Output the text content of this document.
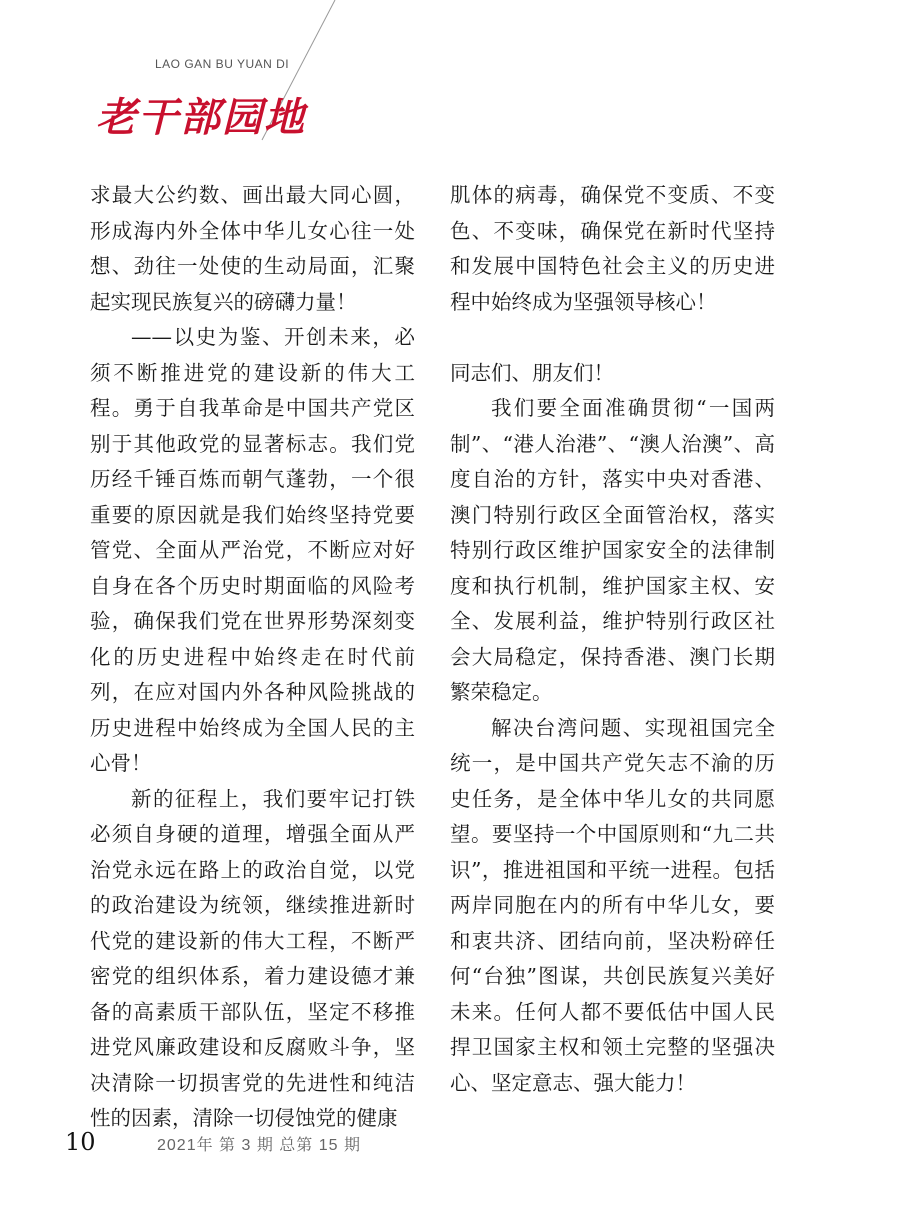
LAO GAN BU YUAN DI
老干部园地

求最大公约数、画出最大同心圆，形成海内外全体中华儿女心往一处想、劲往一处使的生动局面，汇聚起实现民族复兴的磅礴力量！

——以史为鉴、开创未来，必须不断推进党的建设新的伟大工程。勇于自我革命是中国共产党区别于其他政党的显著标志。我们党历经千锤百炼而朝气蓬勃，一个很重要的原因就是我们始终坚持党要管党、全面从严治党，不断应对好自身在各个历史时期面临的风险考验，确保我们党在世界形势深刻变化的历史进程中始终走在时代前列，在应对国内外各种风险挑战的历史进程中始终成为全国人民的主心骨！

新的征程上，我们要牢记打铁必须自身硬的道理，增强全面从严治党永远在路上的政治自觉，以党的政治建设为统领，继续推进新时代党的建设新的伟大工程，不断严密党的组织体系，着力建设德才兼备的高素质干部队伍，坚定不移推进党风廉政建设和反腐败斗争，坚决清除一切损害党的先进性和纯洁性的因素，清除一切侵蚀党的健康

肌体的病毒，确保党不变质、不变色、不变味，确保党在新时代坚持和发展中国特色社会主义的历史进程中始终成为坚强领导核心！

同志们、朋友们！

我们要全面准确贯彻“一国两制”、“港人治港”、“澳人治澳”、高度自治的方针，落实中央对香港、澳门特别行政区全面管治权，落实特别行政区维护国家安全的法律制度和执行机制，维护国家主权、安全、发展利益，维护特别行政区社会大局稳定，保持香港、澳门长期繁荣稳定。

解决台湾问题、实现祖国完全统一，是中国共产党矢志不渝的历史任务，是全体中华儿女的共同愿望。要坚持一个中国原则和“九二共识”，推进祖国和平统一进程。包括两岸同胞在内的所有中华儿女，要和衷共济、团结向前，坚决粉碎任何“台独”图谋，共创民族复兴美好未来。任何人都不要低估中国人民捍卫国家主权和领土完整的坚强决心、坚定意志、强大能力！

10	2021年 第 3 期 总第 15 期
